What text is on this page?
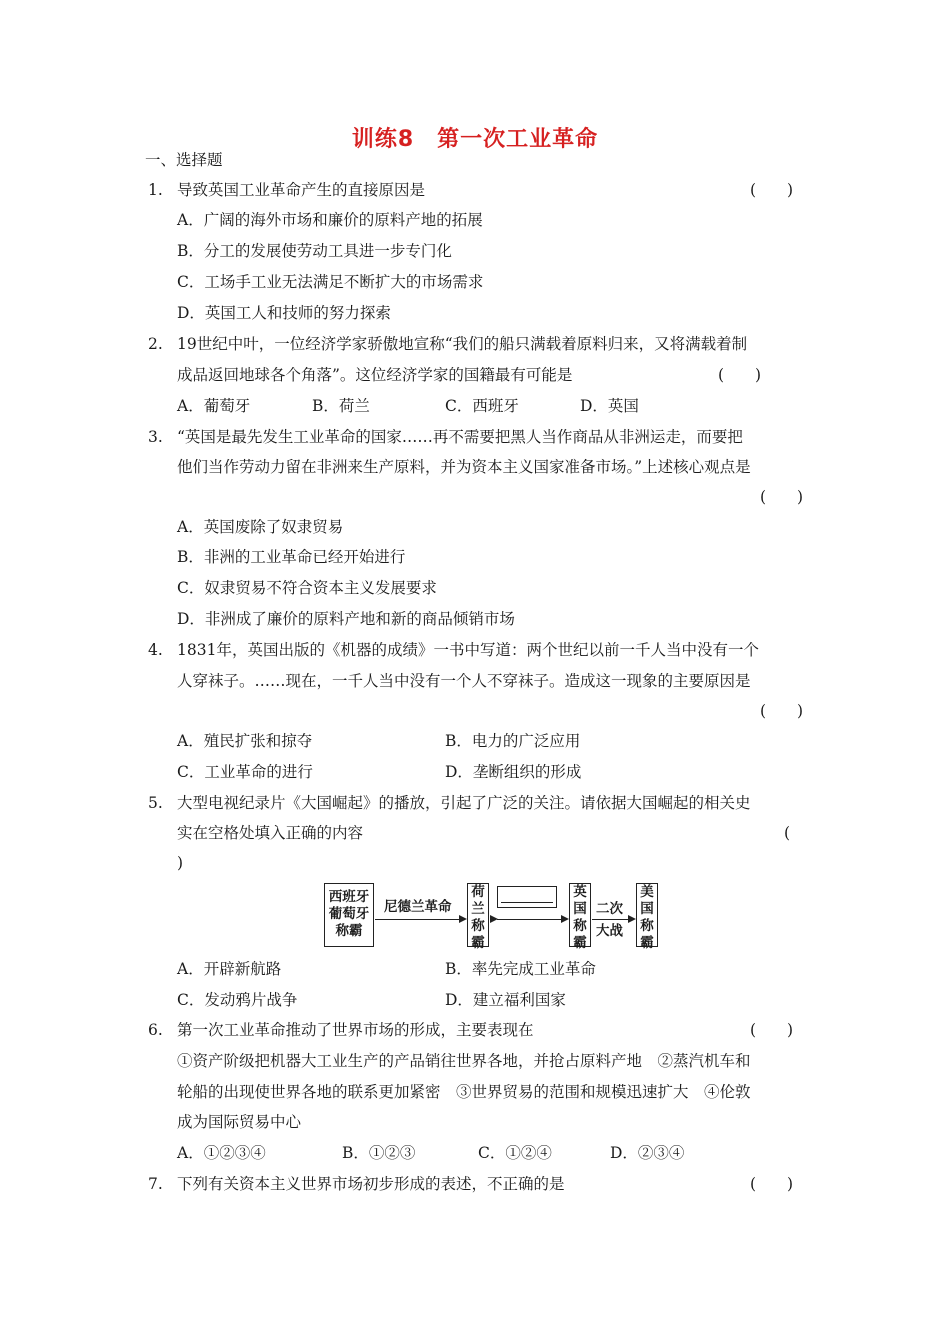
训练8　第一次工业革命
一、选择题
1. 导致英国工业革命产生的直接原因是	(　　)
A．广阔的海外市场和廉价的原料产地的拓展
B．分工的发展使劳动工具进一步专门化
C．工场手工业无法满足不断扩大的市场需求
D．英国工人和技师的努力探索
2. 19世纪中叶，一位经济学家骄傲地宣称“我们的船只满载着原料归来，又将满载着制
成品返回地球各个角落”。这位经济学家的国籍最有可能是	(　　)
A．葡萄牙	B．荷兰	C．西班牙	D．英国
3. “英国是最先发生工业革命的国家……再不需要把黑人当作商品从非洲运走，而要把
他们当作劳动力留在非洲来生产原料，并为资本主义国家准备市场。”上述核心观点是
(　　)
A．英国废除了奴隶贸易
B．非洲的工业革命已经开始进行
C．奴隶贸易不符合资本主义发展要求
D．非洲成了廉价的原料产地和新的商品倾销市场
4. 1831年，英国出版的《机器的成绩》一书中写道：两个世纪以前一千人当中没有一个
人穿袜子。……现在，一千人当中没有一个人不穿袜子。造成这一现象的主要原因是
(　　)
A．殖民扩张和掠夺	B．电力的广泛应用
C．工业革命的进行	D．垄断组织的形成
5. 大型电视纪录片《大国崛起》的播放，引起了广泛的关注。请依据大国崛起的相关史
实在空格处填入正确的内容	(
)
西班牙
葡萄牙
称霸
尼德兰革命
荷
兰
称
霸
英
国
称
霸
二次
大战
美
国
称
霸
A．开辟新航路	B．率先完成工业革命
C．发动鸦片战争	D．建立福利国家
6. 第一次工业革命推动了世界市场的形成，主要表现在	(　　)
①资产阶级把机器大工业生产的产品销往世界各地，并抢占原料产地　②蒸汽机车和
轮船的出现使世界各地的联系更加紧密　③世界贸易的范围和规模迅速扩大　④伦敦
成为国际贸易中心
A．①②③④	B．①②③	C．①②④	D．②③④
7. 下列有关资本主义世界市场初步形成的表述，不正确的是	(　　)
